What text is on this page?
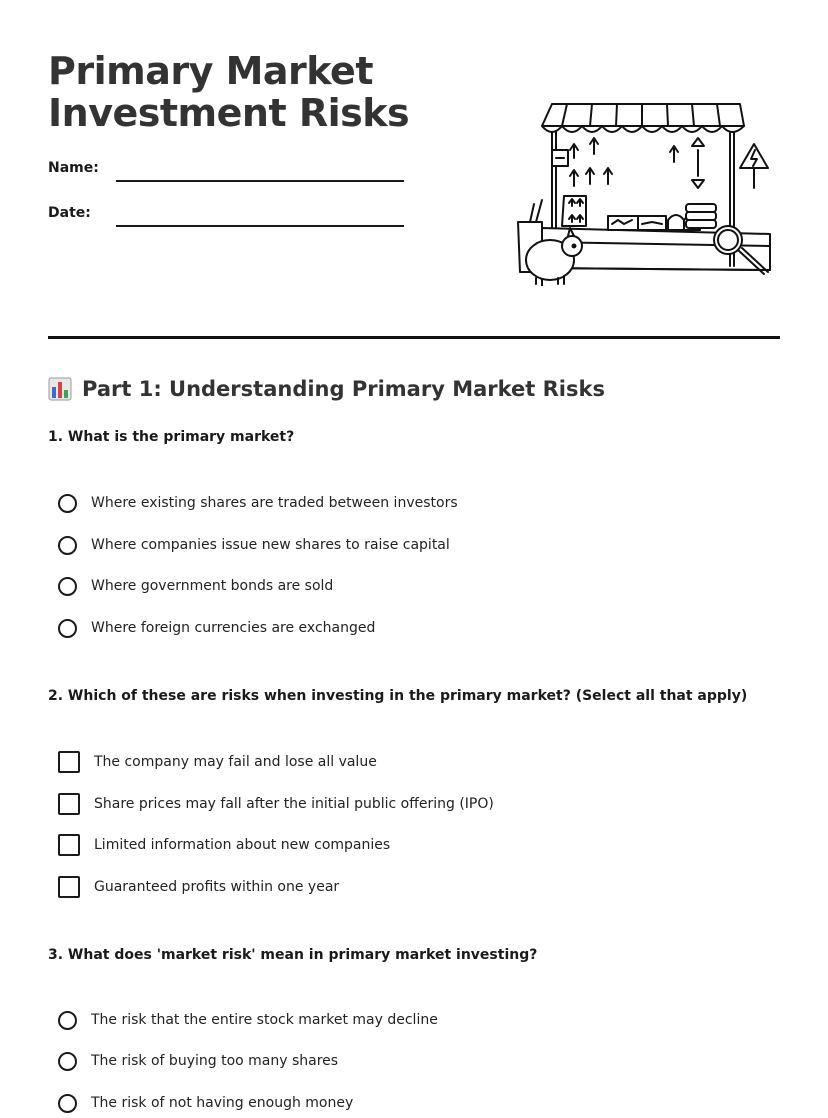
Primary Market
Investment Risks
Name:
Date:
Part 1: Understanding Primary Market Risks
1. What is the primary market?
Where existing shares are traded between investors
Where companies issue new shares to raise capital
Where government bonds are sold
Where foreign currencies are exchanged
2. Which of these are risks when investing in the primary market? (Select all that apply)
The company may fail and lose all value
Share prices may fall after the initial public offering (IPO)
Limited information about new companies
Guaranteed profits within one year
3. What does 'market risk' mean in primary market investing?
The risk that the entire stock market may decline
The risk of buying too many shares
The risk of not having enough money
